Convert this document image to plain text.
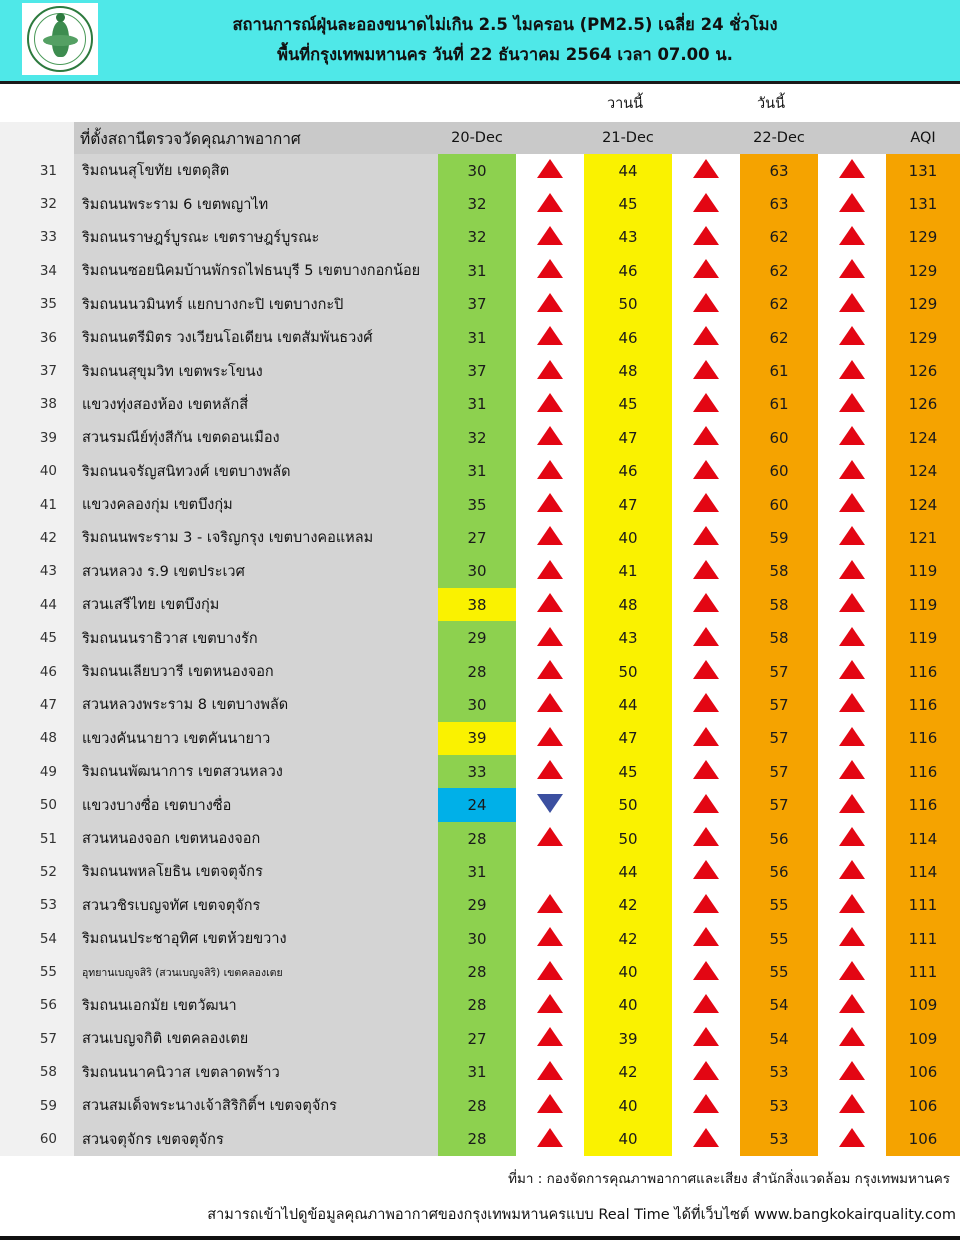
สถานการณ์ฝุ่นละอองขนาดไม่เกิน 2.5 ไมครอน (PM2.5) เฉลี่ย 24 ชั่วโมง
พื้นที่กรุงเทพมหานคร วันที่ 22 ธันวาคม 2564 เวลา 07.00 น.
วานนี้	วันนี้
	ที่ตั้งสถานีตรวจวัดคุณภาพอากาศ	20-Dec		21-Dec		22-Dec		AQI
31	ริมถนนสุโขทัย เขตดุสิต	30		44		63		131
32	ริมถนนพระราม 6 เขตพญาไท	32		45		63		131
33	ริมถนนราษฎร์บูรณะ เขตราษฎร์บูรณะ	32		43		62		129
34	ริมถนนซอยนิคมบ้านพักรถไฟธนบุรี 5 เขตบางกอกน้อย	31		46		62		129
35	ริมถนนนวมินทร์ แยกบางกะปิ เขตบางกะปิ	37		50		62		129
36	ริมถนนตรีมิตร วงเวียนโอเดียน เขตสัมพันธวงศ์	31		46		62		129
37	ริมถนนสุขุมวิท เขตพระโขนง	37		48		61		126
38	แขวงทุ่งสองห้อง เขตหลักสี่	31		45		61		126
39	สวนรมณีย์ทุ่งสีกัน เขตดอนเมือง	32		47		60		124
40	ริมถนนจรัญสนิทวงศ์ เขตบางพลัด	31		46		60		124
41	แขวงคลองกุ่ม เขตบึงกุ่ม	35		47		60		124
42	ริมถนนพระราม 3 - เจริญกรุง เขตบางคอแหลม	27		40		59		121
43	สวนหลวง ร.9 เขตประเวศ	30		41		58		119
44	สวนเสรีไทย เขตบึงกุ่ม	38		48		58		119
45	ริมถนนนราธิวาส เขตบางรัก	29		43		58		119
46	ริมถนนเลียบวารี เขตหนองจอก	28		50		57		116
47	สวนหลวงพระราม 8 เขตบางพลัด	30		44		57		116
48	แขวงคันนายาว เขตคันนายาว	39		47		57		116
49	ริมถนนพัฒนาการ เขตสวนหลวง	33		45		57		116
50	แขวงบางซื่อ เขตบางซื่อ	24		50		57		116
51	สวนหนองจอก เขตหนองจอก	28		50		56		114
52	ริมถนนพหลโยธิน เขตจตุจักร	31		44		56		114
53	สวนวชิรเบญจทัศ เขตจตุจักร	29		42		55		111
54	ริมถนนประชาอุทิศ เขตห้วยขวาง	30		42		55		111
55	อุทยานเบญจสิริ (สวนเบญจสิริ) เขตคลองเตย	28		40		55		111
56	ริมถนนเอกมัย เขตวัฒนา	28		40		54		109
57	สวนเบญจกิติ เขตคลองเตย	27		39		54		109
58	ริมถนนนาคนิวาส เขตลาดพร้าว	31		42		53		106
59	สวนสมเด็จพระนางเจ้าสิริกิติ์ฯ เขตจตุจักร	28		40		53		106
60	สวนจตุจักร เขตจตุจักร	28		40		53		106
ที่มา : กองจัดการคุณภาพอากาศและเสียง สำนักสิ่งแวดล้อม กรุงเทพมหานคร
สามารถเข้าไปดูข้อมูลคุณภาพอากาศของกรุงเทพมหานครแบบ Real Time ได้ที่เว็บไซต์ www.bangkokairquality.com
